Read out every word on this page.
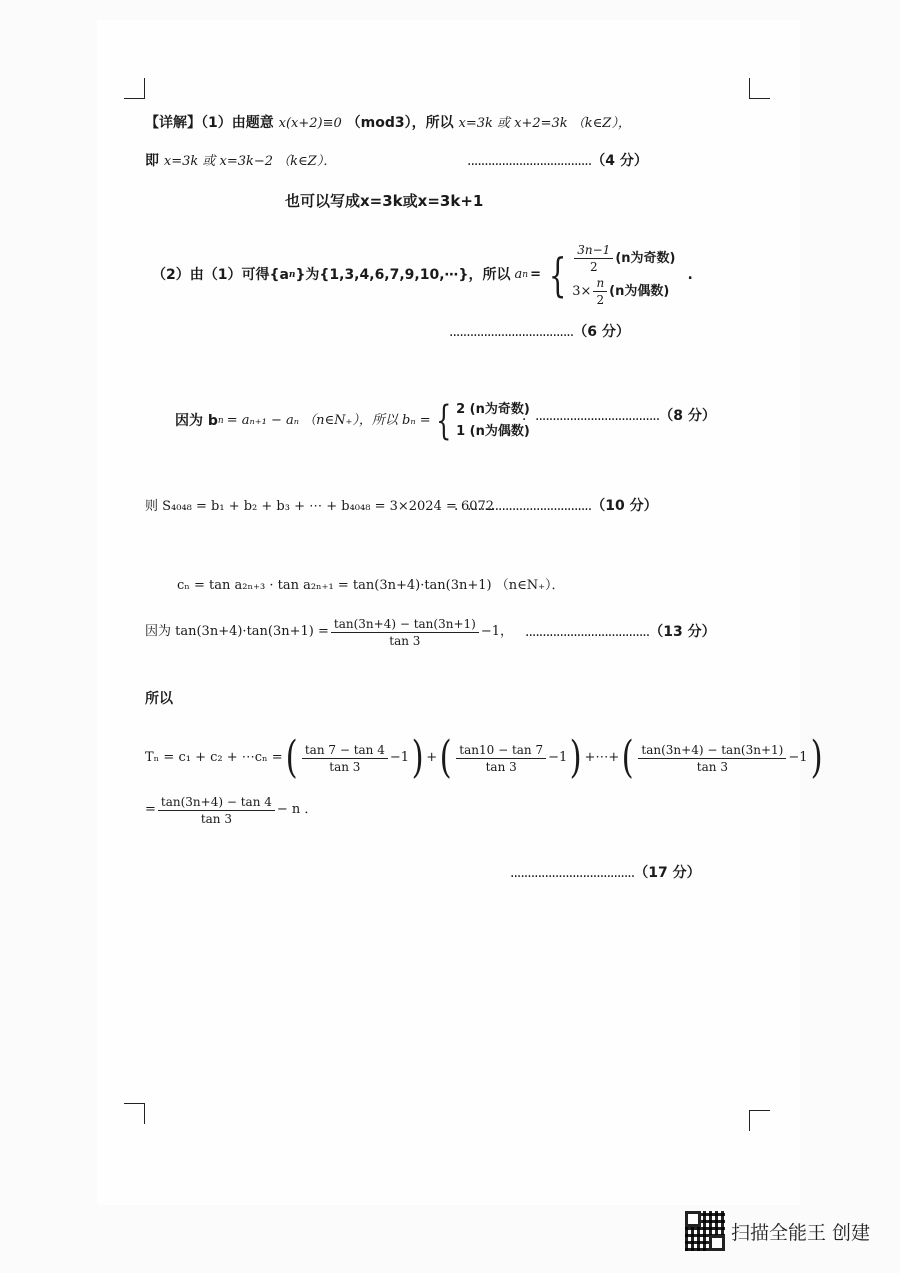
【详解】（1）由题意 x(x+2)≡0 （mod3），所以 x=3k 或 x+2=3k （k∈Z），
即 x=3k 或 x=3k−2 （k∈Z）．	....................................（4 分）
也可以写成x=3k或x=3k+1
（2）由（1）可得{a n }为{1,3,4,6,7,9,10,⋯}，所以 a n = { $\frac{3n-1}{2} (n$为奇数)
$3\times \frac{n}{2} (n$为偶数)
.
....................................（6 分）
因为 b n = aₙ₊₁ − aₙ （n∈N₊），所以 bₙ = { 2 (n为奇数)
1 (n为偶数)
．....................................（8 分）
则 S₄₀₄₈ = b₁ + b₂ + b₃ + ⋯ + b₄₀₄₈ = 3×2024 = 6072
．....................................（10 分）
cₙ = tan a₂ₙ₊₃ · tan a₂ₙ₊₁ = tan(3n+4)·tan(3n+1) （n∈N₊）．
因为 $\tan(3n+4)\cdot\tan(3n+1) = \frac{\tan(3n+4) - \tan(3n+1)}{\tan 3} -1$， ....................................（13 分）
所以
Tₙ = c₁ + c₂ + ⋯cₙ = ( $\frac{\tan 7 - \tan 4}{\tan 3} -1$ ) + ( $\frac{\tan 10 - \tan 7}{\tan 3} -1$ ) +⋯+ ( $\frac{\tan(3n+4) - \tan(3n+1)}{\tan 3} -1$ )
= $\frac{\tan(3n+4) - \tan 4}{\tan 3} - n$ ．
....................................（17 分）
扫描全能王 创建
